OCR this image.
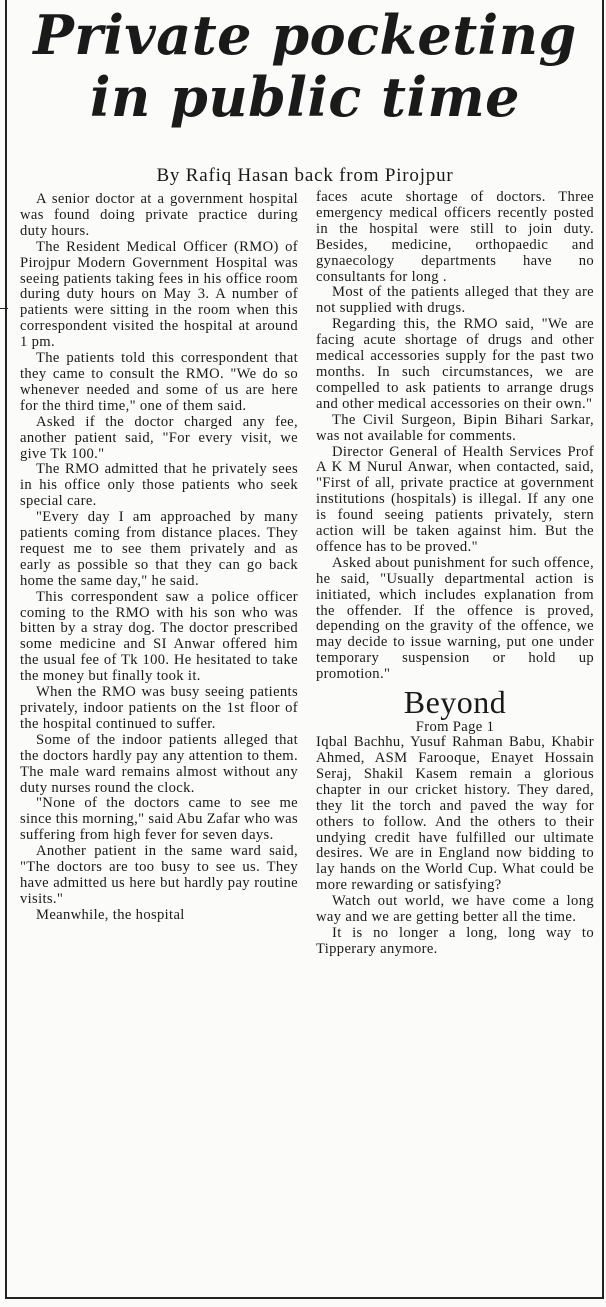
Private pocketing
in public time
By Rafiq Hasan back from Pirojpur

A senior doctor at a government hospital was found doing private practice during duty hours.

The Resident Medical Officer (RMO) of Pirojpur Modern Government Hospital was seeing patients taking fees in his office room during duty hours on May 3. A number of patients were sitting in the room when this correspondent visited the hospital at around 1 pm.

The patients told this correspondent that they came to consult the RMO. "We do so whenever needed and some of us are here for the third time," one of them said.

Asked if the doctor charged any fee, another patient said, "For every visit, we give Tk 100."

The RMO admitted that he privately sees in his office only those patients who seek special care.

"Every day I am approached by many patients coming from distance places. They request me to see them privately and as early as possible so that they can go back home the same day," he said.

This correspondent saw a police officer coming to the RMO with his son who was bitten by a stray dog. The doctor prescribed some medicine and SI Anwar offered him the usual fee of Tk 100. He hesitated to take the money but finally took it.

When the RMO was busy seeing patients privately, indoor patients on the 1st floor of the hospital continued to suffer.

Some of the indoor patients alleged that the doctors hardly pay any attention to them. The male ward remains almost without any duty nurses round the clock.

"None of the doctors came to see me since this morning," said Abu Zafar who was suffering from high fever for seven days.

Another patient in the same ward said, "The doctors are too busy to see us. They have admitted us here but hardly pay routine visits."

Meanwhile, the hospital

faces acute shortage of doctors. Three emergency medical officers recently posted in the hospital were still to join duty. Besides, medicine, orthopaedic and gynaecology departments have no consultants for long .

Most of the patients alleged that they are not supplied with drugs.

Regarding this, the RMO said, "We are facing acute shortage of drugs and other medical accessories supply for the past two months. In such circumstances, we are compelled to ask patients to arrange drugs and other medical accessories on their own."

The Civil Surgeon, Bipin Bihari Sarkar, was not available for comments.

Director General of Health Services Prof A K M Nurul Anwar, when contacted, said, "First of all, private practice at government institutions (hospitals) is illegal. If any one is found seeing patients privately, stern action will be taken against him. But the offence has to be proved."

Asked about punishment for such offence, he said, "Usually departmental action is initiated, which includes explanation from the offender. If the offence is proved, depending on the gravity of the offence, we may decide to issue warning, put one under temporary suspension or hold up promotion."

Beyond
From Page 1

Iqbal Bachhu, Yusuf Rahman Babu, Khabir Ahmed, ASM Farooque, Enayet Hossain Seraj, Shakil Kasem remain a glorious chapter in our cricket history. They dared, they lit the torch and paved the way for others to follow. And the others to their undying credit have fulfilled our ultimate desires. We are in England now bidding to lay hands on the World Cup. What could be more rewarding or satisfying?

Watch out world, we have come a long way and we are getting better all the time.

It is no longer a long, long way to Tipperary anymore.
